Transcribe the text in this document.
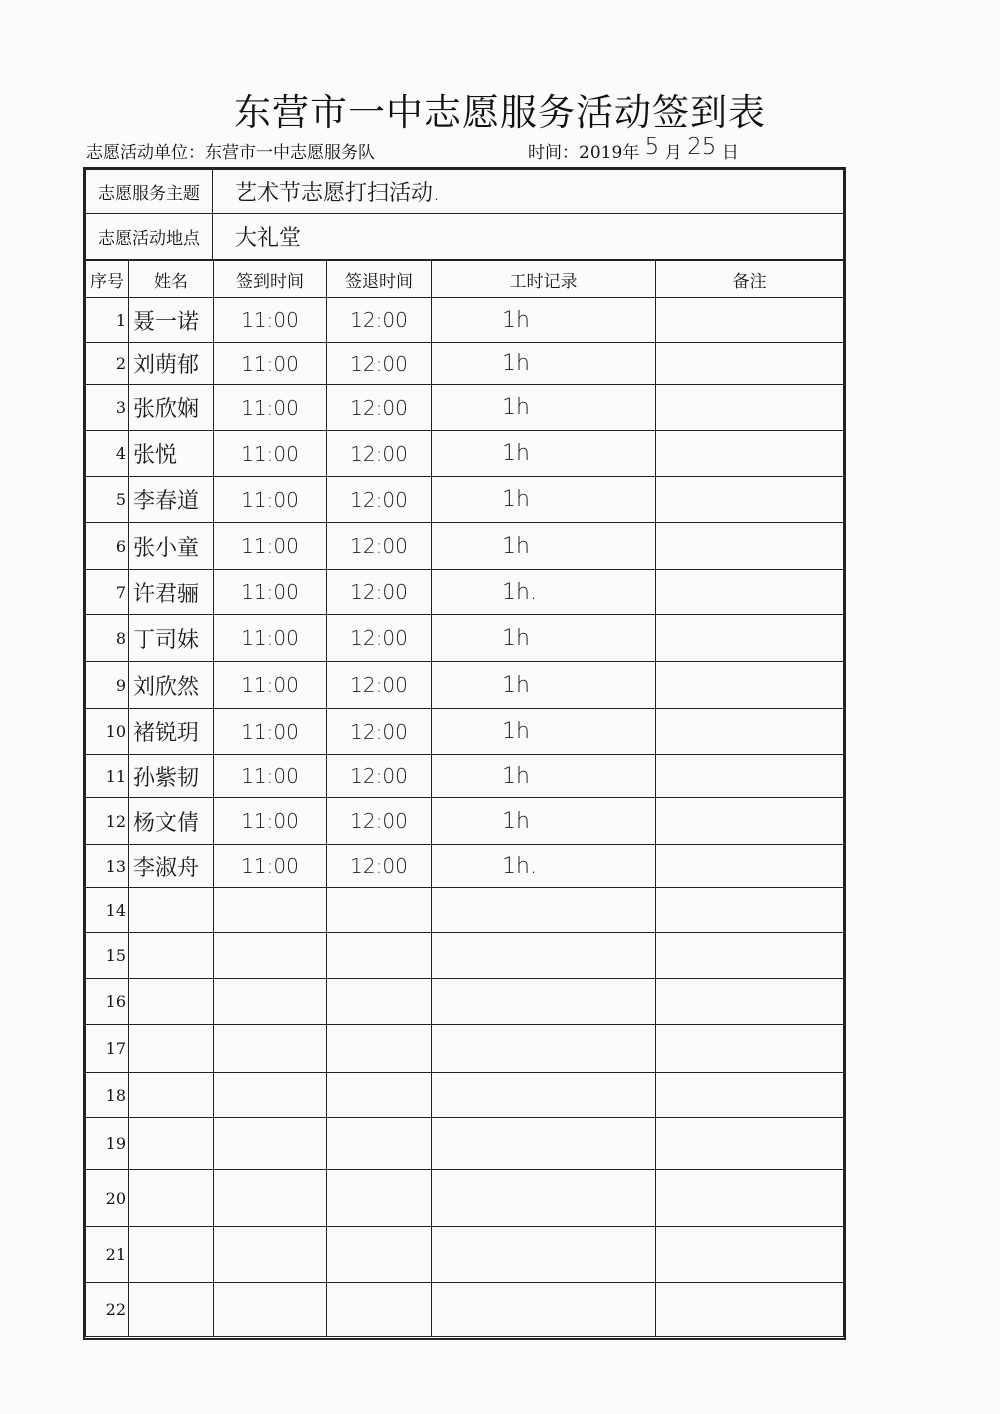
东营市一中志愿服务活动签到表
志愿活动单位：东营市一中志愿服务队	时间：2019年 5 月 25 日
志愿服务主题	艺术节志愿打扫活动.
志愿活动地点	大礼堂
序号	姓名	签到时间	签退时间	工时记录	备注
1	聂一诺	11:00	12:00	1h	
2	刘萌郁	11:00	12:00	1h	
3	张欣娴	11:00	12:00	1h	
4	张悦	11:00	12:00	1h	
5	李春道	11:00	12:00	1h	
6	张小童	11:00	12:00	1h	
7	许君骊	11:00	12:00	1h.	
8	丁司妹	11:00	12:00	1h	
9	刘欣然	11:00	12:00	1h	
10	褚锐玥	11:00	12:00	1h	
11	孙紫韧	11:00	12:00	1h	
12	杨文倩	11:00	12:00	1h	
13	李淑舟	11:00	12:00	1h.	
14					
15					
16					
17					
18					
19					
20					
21					
22					
